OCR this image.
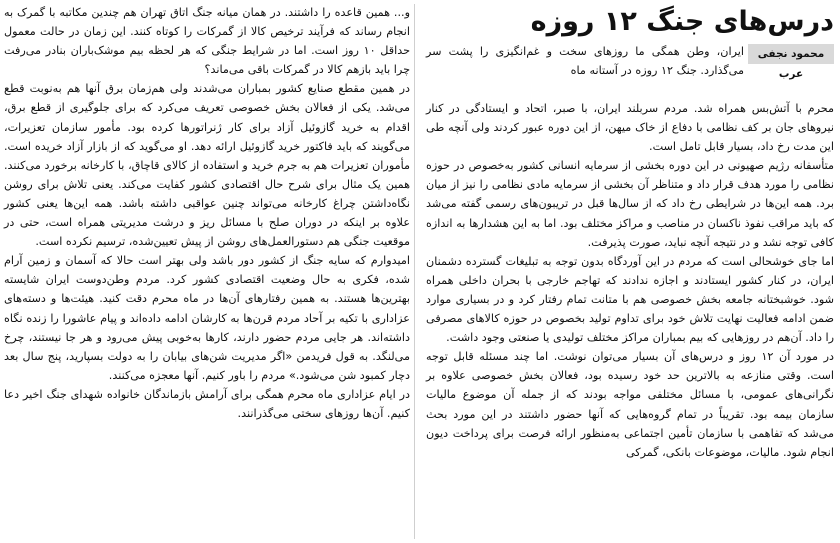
درس‌های جنگ ۱۲ روزه
محمود نجفی عرب

ایران، وطن همگی ما روزهای سخت و غم‌انگیزی را پشت سر می‌گذارد. جنگ ۱۲ روزه در آستانه ماه

محرم با آتش‌بس همراه شد. مردم سربلند ایران، با صبر، اتحاد و ایستادگی در کنار نیروهای جان بر کف نظامی با دفاع از خاک میهن، از این دوره عبور کردند ولی آنچه طی این مدت رخ داد، بسیار قابل تامل است.

متأسفانه رژیم صهیونی در این دوره بخشی از سرمایه انسانی کشور به‌خصوص در حوزه نظامی را مورد هدف قرار داد و متناظر آن بخشی از سرمایه مادی نظامی را نیز از میان برد. همه این‌ها در شرایطی رخ داد که از سال‌ها قبل در تریبون‌های رسمی گفته می‌شد که باید مراقب نفوذ ناکسان در مناصب و مراکز مختلف بود. اما به این هشدارها به اندازه کافی توجه نشد و در نتیجه آنچه نباید، صورت پذیرفت.

اما جای خوشحالی است که مردم در این آوردگاه بدون توجه به تبلیغات گسترده دشمنان ایران، در کنار کشور ایستادند و اجازه ندادند که تهاجم خارجی با بحران داخلی همراه شود. خوشبختانه جامعه بخش خصوصی هم با متانت تمام رفتار کرد و در بسیاری موارد ضمن ادامه فعالیت نهایت تلاش خود برای تداوم تولید بخصوص در حوزه کالاهای مصرفی را داد. آن‌هم در روزهایی که بیم بمباران مراکز مختلف تولیدی یا صنعتی وجود داشت.

در مورد آن ۱۲ روز و درس‌های آن بسیار می‌توان نوشت. اما چند مسئله قابل توجه است. وقتی منازعه به بالاترین حد خود رسیده بود، فعالان بخش خصوصی علاوه بر نگرانی‌های عمومی، با مسائل مختلفی مواجه بودند که از جمله آن موضوع مالیات سازمان بیمه بود. تقریباً در تمام گروه‌هایی که آنها حضور داشتند در این مورد بحث می‌شد که تفاهمی با سازمان تأمین اجتماعی به‌منظور ارائه فرصت برای پرداخت دیون انجام شود. مالیات، موضوعات بانکی، گمرکی

و... همین قاعده را داشتند. در همان میانه جنگ اتاق تهران هم چندین مکاتبه با گمرک به انجام رساند که فرآیند ترخیص کالا از گمرکات را کوتاه کنند. این زمان در حالت معمول حداقل ۱۰ روز است. اما در شرایط جنگی که هر لحظه بیم موشک‌باران بنادر می‌رفت چرا باید بازهم کالا در گمرکات باقی می‌ماند؟

در همین مقطع صنایع کشور بمباران می‌شدند ولی هم‌زمان برق آنها هم به‌نوبت قطع می‌شد. یکی از فعالان بخش خصوصی تعریف می‌کرد که برای جلوگیری از قطع برق، اقدام به خرید گازوئیل آزاد برای کار ژنراتورها کرده بود. مأمور سازمان تعزیرات، می‌گویند که باید فاکتور خرید گازوئیل ارائه دهد. او می‌گوید که از بازار آزاد خریده است. مأموران تعزیرات هم به جرم خرید و استفاده از کالای قاچاق، با کارخانه برخورد می‌کنند. همین یک مثال برای شرح حال اقتصادی کشور کفایت می‌کند. یعنی تلاش برای روشن نگاه‌داشتن چراغ کارخانه می‌تواند چنین عواقبی داشته باشد. همه این‌ها یعنی کشور علاوه بر اینکه در دوران صلح با مسائل ریز و درشت مدیریتی همراه است، حتی در موقعیت جنگی هم دستورالعمل‌های روشن از پیش تعیین‌شده، ترسیم نکرده است.

امیدوارم که سایه جنگ از کشور دور باشد ولی بهتر است حالا که آسمان و زمین آرام شده، فکری به حال وضعیت اقتصادی کشور کرد. مردم وطن‌دوست ایران شایسته بهترین‌ها هستند. به همین رفتارهای آن‌ها در ماه محرم دقت کنید. هیئت‌ها و دسته‌های عزاداری با تکیه بر آحاد مردم قرن‌ها به کارشان ادامه داده‌اند و پیام عاشورا را زنده نگاه داشته‌اند. هر جایی مردم حضور دارند، کارها به‌خوبی پیش می‌رود و هر جا نیستند، چرخ می‌لنگد. به قول فریدمن «اگر مدیریت شن‌های بیابان را به دولت بسپارید، پنج سال بعد دچار کمبود شن می‌شود.» مردم را باور کنیم. آنها معجزه می‌کنند.

در ایام عزاداری ماه محرم همگی برای آرامش بازماندگان خانواده شهدای جنگ اخیر دعا کنیم. آن‌ها روزهای سختی می‌گذرانند.
